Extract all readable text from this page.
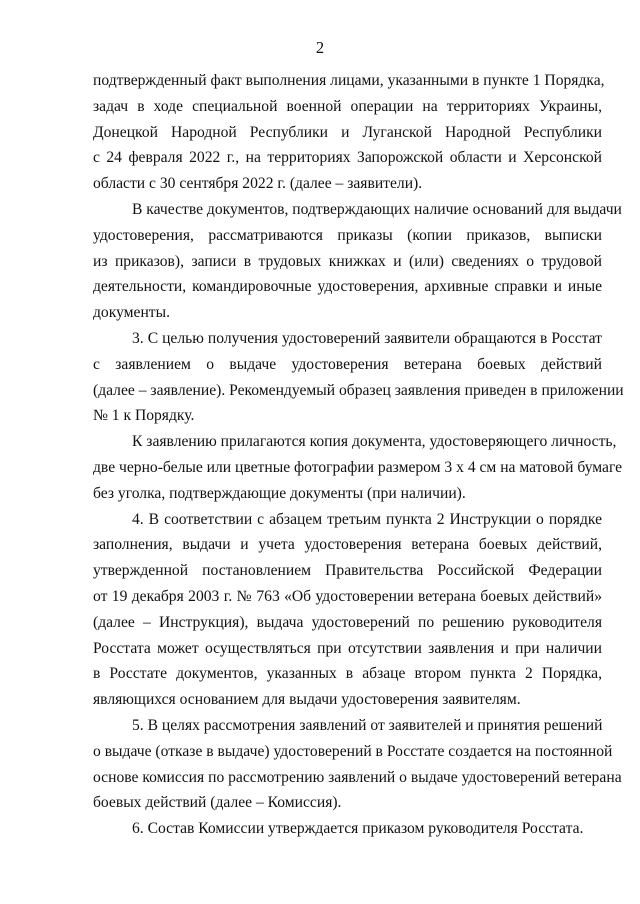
2
подтвержденный факт выполнения лицами, указанными в пункте 1 Порядка,
задач в ходе специальной военной операции на территориях Украины,
Донецкой Народной Республики и Луганской Народной Республики
с 24 февраля 2022 г., на территориях Запорожской области и Херсонской
области с 30 сентября 2022 г. (далее – заявители).
В качестве документов, подтверждающих наличие оснований для выдачи
удостоверения, рассматриваются приказы (копии приказов, выписки
из приказов), записи в трудовых книжках и (или) сведениях о трудовой
деятельности, командировочные удостоверения, архивные справки и иные
документы.
3. С целью получения удостоверений заявители обращаются в Росстат
с заявлением о выдаче удостоверения ветерана боевых действий
(далее – заявление). Рекомендуемый образец заявления приведен в приложении
№ 1 к Порядку.
К заявлению прилагаются копия документа, удостоверяющего личность,
две черно-белые или цветные фотографии размером 3 х 4 см на матовой бумаге
без уголка, подтверждающие документы (при наличии).
4. В соответствии с абзацем третьим пункта 2 Инструкции о порядке
заполнения, выдачи и учета удостоверения ветерана боевых действий,
утвержденной постановлением Правительства Российской Федерации
от 19 декабря 2003 г. № 763 «Об удостоверении ветерана боевых действий»
(далее – Инструкция), выдача удостоверений по решению руководителя
Росстата может осуществляться при отсутствии заявления и при наличии
в Росстате документов, указанных в абзаце втором пункта 2 Порядка,
являющихся основанием для выдачи удостоверения заявителям.
5. В целях рассмотрения заявлений от заявителей и принятия решений
о выдаче (отказе в выдаче) удостоверений в Росстате создается на постоянной
основе комиссия по рассмотрению заявлений о выдаче удостоверений ветерана
боевых действий (далее – Комиссия).
6. Состав Комиссии утверждается приказом руководителя Росстата.
